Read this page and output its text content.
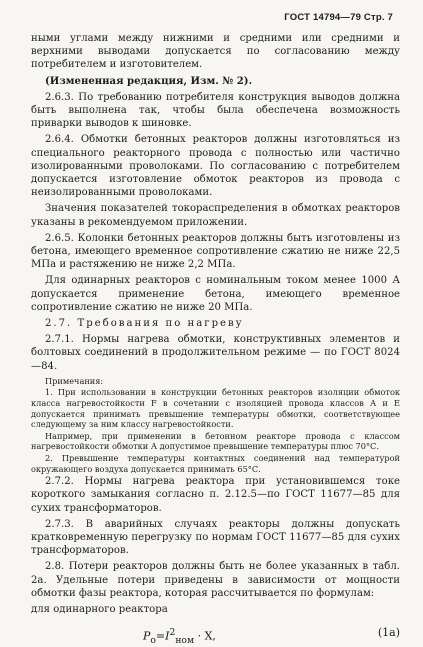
ГОСТ 14794—79 Стр. 7

ными углами между нижними и средними или средними и верхними выводами допускается по согласованию между потребителем и изготовителем.

(Измененная редакция, Изм. № 2).

2.6.3. По требованию потребителя конструкция выводов должна быть выполнена так, чтобы была обеспечена возможность приварки выводов к шиновке.

2.6.4. Обмотки бетонных реакторов должны изготовляться из специального реакторного провода с полностью или частично изолированными проволоками. По согласованию с потребителем допускается изготовление обмоток реакторов из провода с неизолированными проволоками.

Значения показателей токораспределения в обмотках реакторов указаны в рекомендуемом приложении.

2.6.5. Колонки бетонных реакторов должны быть изготовлены из бетона, имеющего временное сопротивление сжатию не ниже 22,5 МПа и растяжению не ниже 2,2 МПа.

Для одинарных реакторов с номинальным током менее 1000 А допускается применение бетона, имеющего временное сопротивление сжатию не ниже 20 МПа.

2.7. Требования по нагреву

2.7.1. Нормы нагрева обмотки, конструктивных элементов и болтовых соединений в продолжительном режиме — по ГОСТ 8024—84.

Примечания:

1. При использовании в конструкции бетонных реакторов изоляции обмоток класса нагревостойкости F в сочетании с изоляцией провода классов А и Е допускается принимать превышение температуры обмотки, соответствующее следующему за ним классу нагревостойкости.

Например, при применении в бетонном реакторе провода с классом нагревостойкости обмотки А допустимое превышение температуры плюс 70°С.

2. Превышение температуры контактных соединений над температурой окружающего воздуха допускается принимать 65°С.

2.7.2. Нормы нагрева реактора при установившемся токе короткого замыкания согласно п. 2.12.5—по ГОСТ 11677—85 для сухих трансформаторов.

2.7.3. В аварийных случаях реакторы должны допускать кратковременную перегрузку по нормам ГОСТ 11677—85 для сухих трансформаторов.

2.8. Потери реакторов должны быть не более указанных в табл. 2а. Удельные потери приведены в зависимости от мощности обмотки фазы реактора, которая рассчитывается по формулам:

для одинарного реактора

$P_о=I^2_{ном} \cdot X$,	(1а)
